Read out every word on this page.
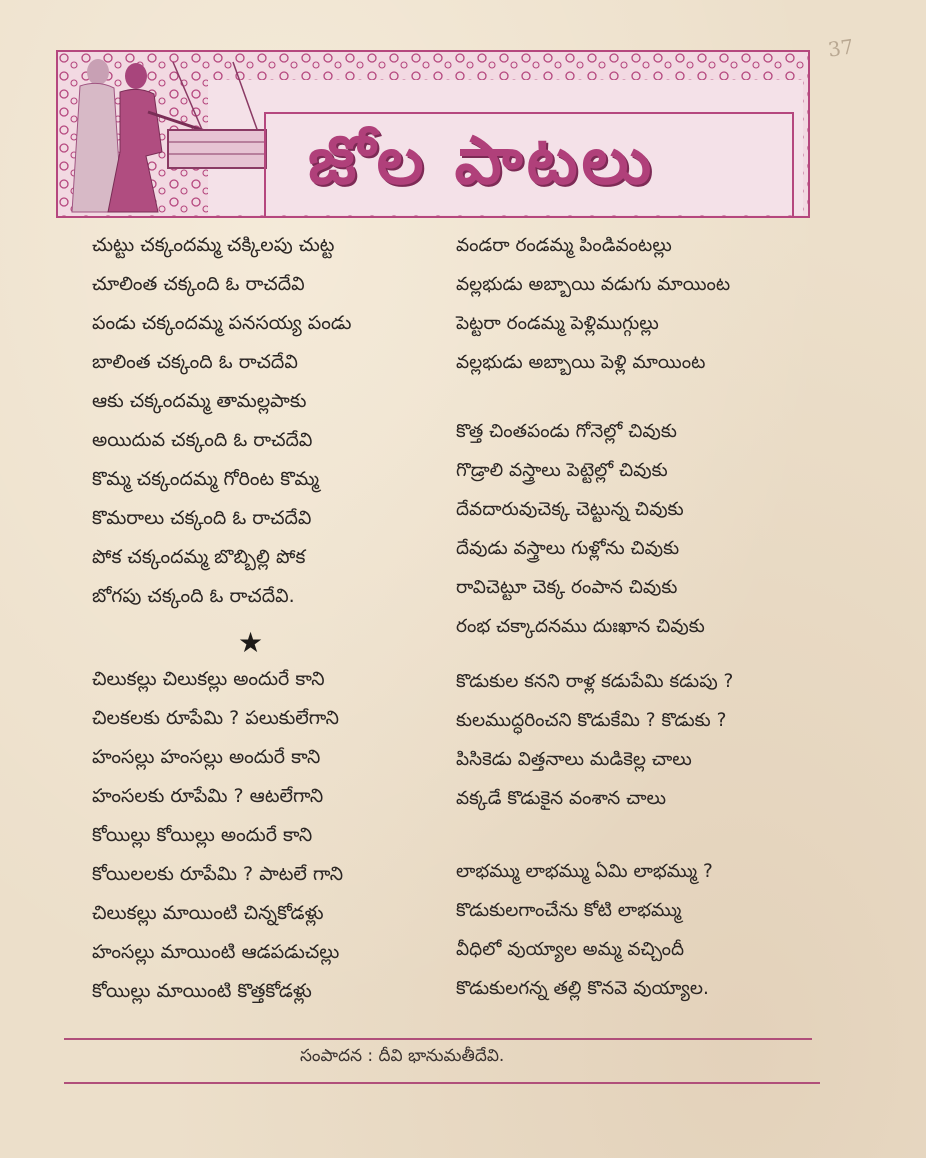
37
జోల పాటలు
చుట్టు చక్కందమ్మ చక్కిలపు చుట్ట
చూలింత చక్కంది ఓ రాచదేవి
పండు చక్కందమ్మ పనసయ్య పండు
బాలింత చక్కంది ఓ రాచదేవి
ఆకు చక్కందమ్మ తామల్లపాకు
అయిదువ చక్కంది ఓ రాచదేవి
కొమ్మ చక్కందమ్మ గోరింట కొమ్మ
కొమరాలు చక్కంది ఓ రాచదేవి
పోక చక్కందమ్మ బొబ్బిల్లి పోక
బోగపు చక్కంది ఓ రాచదేవి.
★
చిలుకల్లు చిలుకల్లు అందురే కాని
చిలకలకు రూపేమి ? పలుకులేగాని
హంసల్లు హంసల్లు అందురే కాని
హంసలకు రూపేమి ? ఆటలేగాని
కోయిల్లు కోయిల్లు అందురే కాని
కోయిలలకు రూపేమి ? పాటలే గాని
చిలుకల్లు మాయింటి చిన్నకోడళ్లు
హంసల్లు మాయింటి ఆడపడుచల్లు
కోయిల్లు మాయింటి కొత్తకోడళ్లు
వండరా రండమ్మ పిండివంటల్లు
వల్లభుడు అబ్బాయి వడుగు మాయింట
పెట్టరా రండమ్మ పెళ్లిముగ్గుల్లు
వల్లభుడు అబ్బాయి పెళ్లి మాయింట
కొత్త చింతపండు గోనెల్లో చివుకు
గొడ్రాలి వస్త్రాలు పెట్టెల్లో చివుకు
దేవదారువుచెక్క చెట్టున్న చివుకు
దేవుడు వస్త్రాలు గుళ్లోను చివుకు
రావిచెట్టూ చెక్క రంపాన చివుకు
రంభ చక్కాదనము దుఃఖాన చివుకు
కొడుకుల కనని రాళ్ల కడుపేమి కడుపు ?
కులముద్ధరించని కొడుకేమి ? కొడుకు ?
పిసికెడు విత్తనాలు మడికెల్ల చాలు
వక్కడే కొడుకైన వంశాన చాలు
లాభమ్ము లాభమ్ము ఏమి లాభమ్ము ?
కొడుకులగాంచేను కోటి లాభమ్ము
వీధిలో వుయ్యాల అమ్మ వచ్చిందీ
కొడుకులగన్న తల్లి కొనవె వుయ్యాల.
సంపాదన : దీవి భానుమతీదేవి.
